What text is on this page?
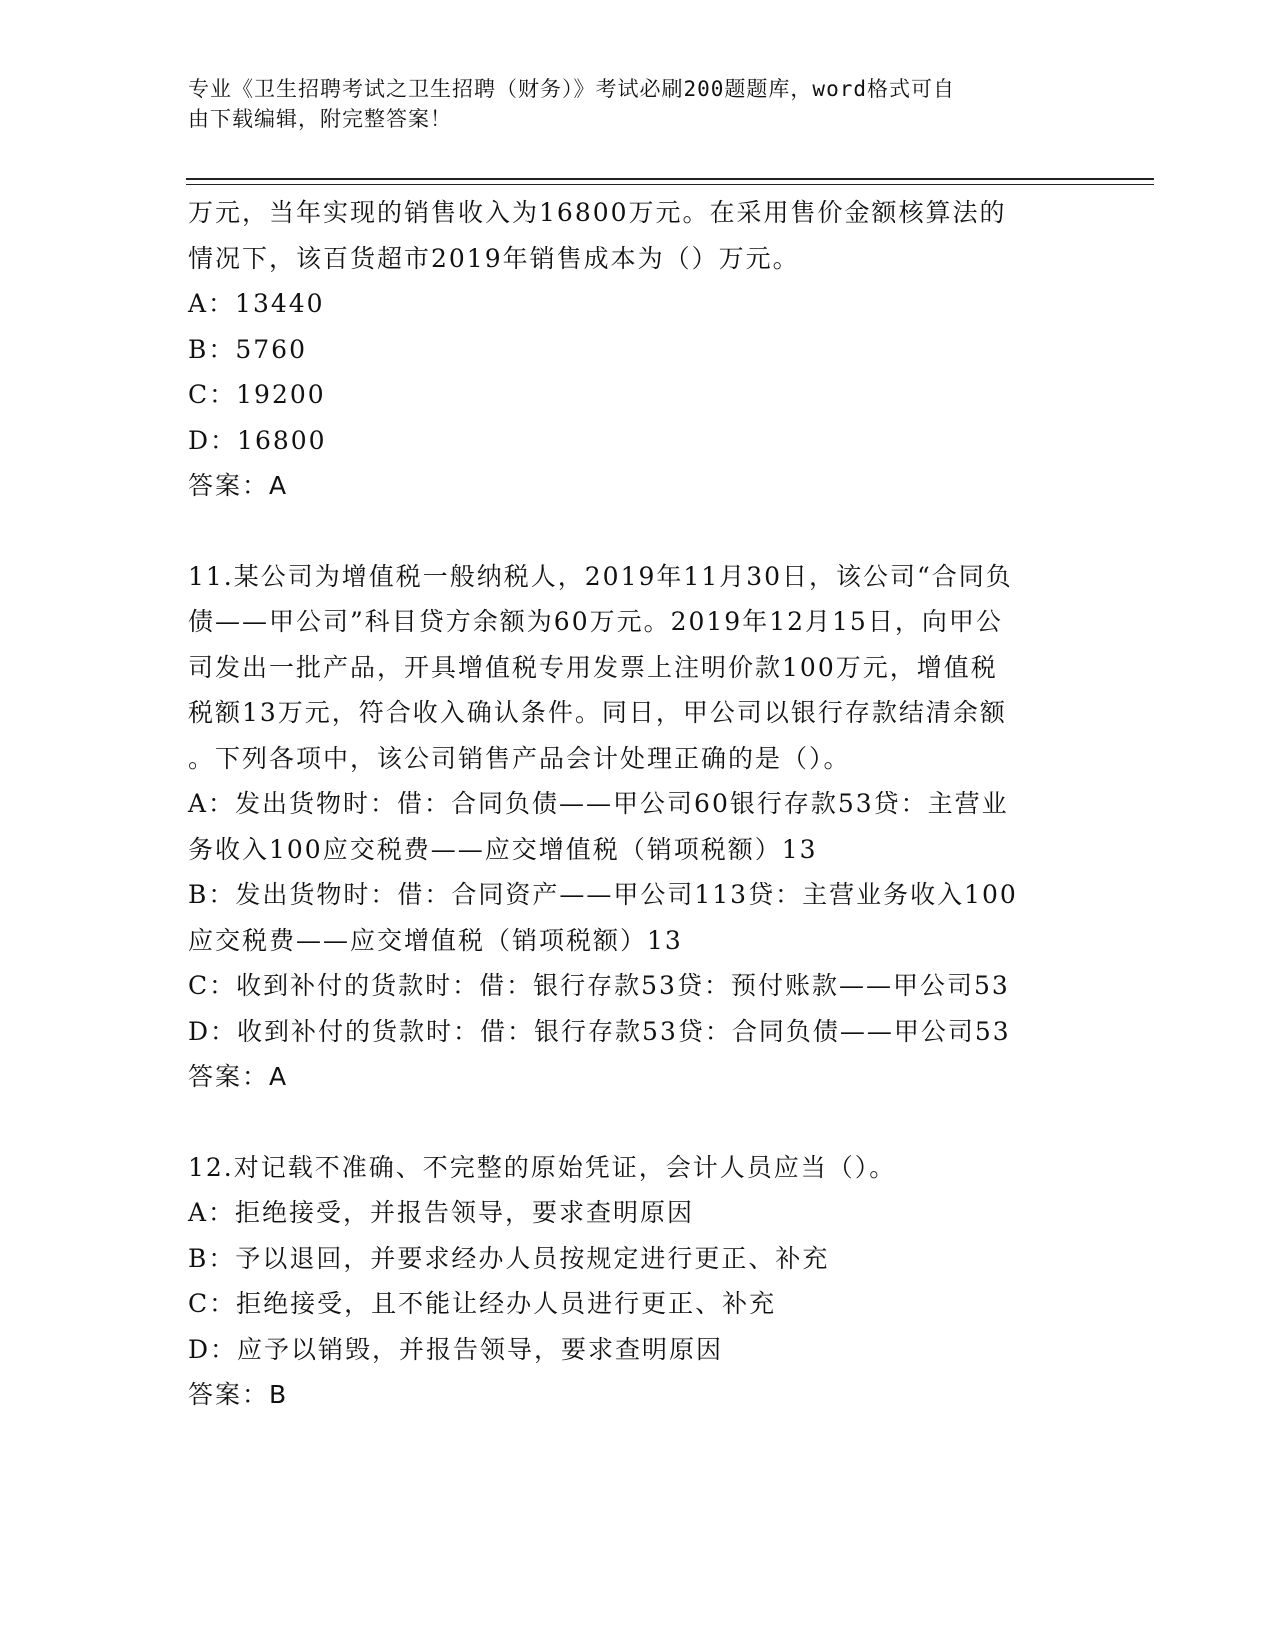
专业《卫生招聘考试之卫生招聘（财务）》考试必刷200题题库，word格式可自
由下载编辑，附完整答案！
万元，当年实现的销售收入为16800万元。在采用售价金额核算法的
情况下，该百货超市2019年销售成本为（）万元。
A：13440
B：5760
C：19200
D：16800
答案：A
11.某公司为增值税一般纳税人，2019年11月30日，该公司“合同负
债——甲公司”科目贷方余额为60万元。2019年12月15日，向甲公
司发出一批产品，开具增值税专用发票上注明价款100万元，增值税
税额13万元，符合收入确认条件。同日，甲公司以银行存款结清余额
。下列各项中，该公司销售产品会计处理正确的是（）。
A：发出货物时：借：合同负债——甲公司60银行存款53贷：主营业
务收入100应交税费——应交增值税（销项税额）13
B：发出货物时：借：合同资产——甲公司113贷：主营业务收入100
应交税费——应交增值税（销项税额）13
C：收到补付的货款时：借：银行存款53贷：预付账款——甲公司53
D：收到补付的货款时：借：银行存款53贷：合同负债——甲公司53
答案：A
12.对记载不准确、不完整的原始凭证，会计人员应当（）。
A：拒绝接受，并报告领导，要求查明原因
B：予以退回，并要求经办人员按规定进行更正、补充
C：拒绝接受，且不能让经办人员进行更正、补充
D：应予以销毁，并报告领导，要求查明原因
答案：B
